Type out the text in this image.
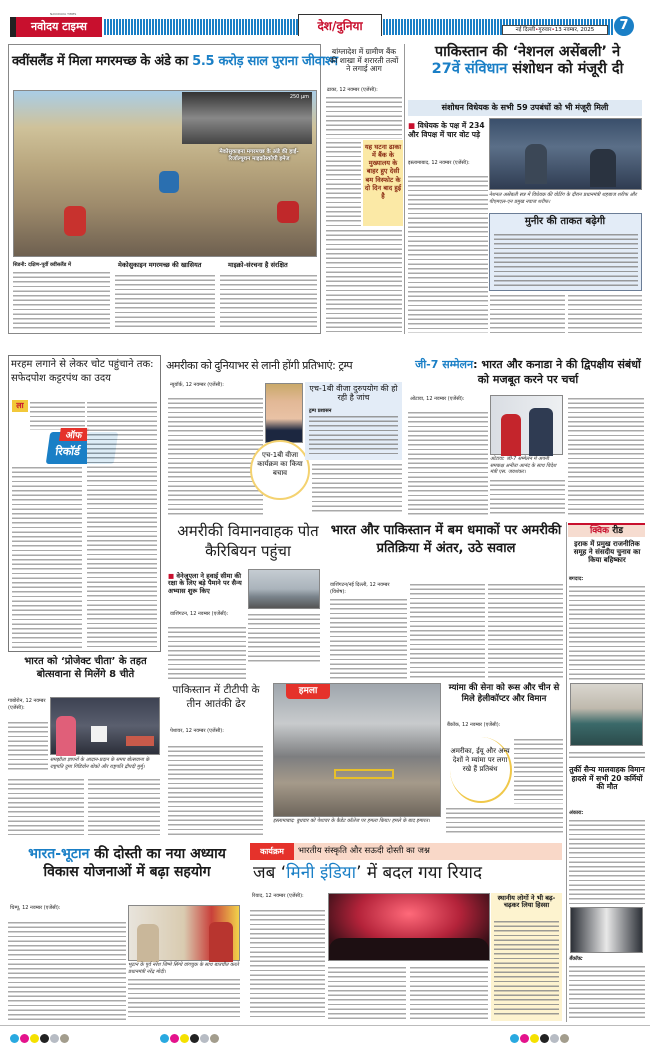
NAVODAYA TIMES
नवोदय टाइम्स	देश/दुनिया	नई दिल्ली•गुरुवार•13 नवम्बर, 2025	7
क्वींसलैंड में मिला मगरमच्छ के अंडे का 5.5 करोड़ साल पुराना जीवाश्म
250 µm
मेकोसुकाइना मगरमच्छ के अंडे की हाई-रिजॉल्यूशन माइक्रोस्कोपी इमेज
सिडनी: दक्षिण-पूर्वी क्वींसलैंड में	मेकोसुकाइन मगरमच्छ की खासियत	माइक्रो-संरचना है संरक्षित
बांग्लादेश में ग्रामीण बैंक की शाखा में शरारती तत्वों ने लगाई आग
ढाका, 12 नवम्बर (एजेंसी):
यह घटना ढाका में बैंक के मुख्यालय के बाहर हुए देसी बम विस्फोट के दो दिन बाद हुई है
पाकिस्तान की ‘नेशनल असेंबली’ ने
27वें संविधान संशोधन को मंजूरी दी
संशोधन विधेयक के सभी 59 उपबंधों को भी मंजूरी मिली
■ विधेयक के पक्ष में 234 और विपक्ष में चार वोट पड़े
इस्लामाबाद, 12 नवम्बर (एजेंसी):
नेशनल असेंबली सत्र में विधेयक की वोटिंग के दौरान प्रधानमंत्री शहबाज शरीफ और पीएमएल-एन प्रमुख नवाज शरीफ।
मुनीर की ताकत बढ़ेगी
मरहम लगाने से लेकर चोट पहुंचाने तक: सफेदपोश कट्टरपंथ का उदय
ला
ऑफ
रिकॉर्ड
अमरीका को दुनियाभर से लानी होंगी प्रतिभाएं: ट्रम्प
न्यूयॉर्क, 12 नवम्बर (एजेंसी):
एच-1बी वीजा कार्यक्रम का किया बचाव
एच-1बी वीजा दुरुपयोग की हो रही है जांच
ट्रम्प प्रशासन
अमरीकी विमानवाहक पोत कैरिबियन पहुंचा
■ वेनेजुएला ने हवाई सीमा की रक्षा के लिए बड़े पैमाने पर सैन्य अभ्यास शुरू किए
वाशिंगटन, 12 नवम्बर (एजेंसी):
जी-7 सम्मेलन: भारत और कनाडा ने की द्विपक्षीय संबंधों को मजबूत करने पर चर्चा
ओटावा, 12 नवम्बर (एजेंसी):
ओटावा: जी-7 सम्मेलन में अपनी समकक्ष अनीता आनंद के साथ विदेश मंत्री एस. जयशंकर।
भारत और पाकिस्तान में बम धमाकों पर अमरीकी प्रतिक्रिया में अंतर, उठे सवाल
वाशिंगटन/नई दिल्ली, 12 नवम्बर (विशेष):
क्विक रीड
इराक में प्रमुख राजनीतिक समूह ने संसदीय चुनाव का किया बहिष्कार
बगदाद:
तुर्की सैन्य मालवाहक विमान हादसे में सभी 20 कर्मियों की मौत
अंकारा:
बैंकॉक:
भारत को ‘प्रोजेक्ट चीता’ के तहत बोत्सवाना से मिलेंगे 8 चीते
गाबोरोन, 12 नवम्बर (एजेंसी):
समझौता ज्ञापनों के आदान-प्रदान के समय बोत्सवाना के राष्ट्रपति दुमा गिडियोन बोको और राष्ट्रपति द्रौपदी मुर्मू।
पाकिस्तान में टीटीपी के तीन आतंकी ढेर
पेशावर, 12 नवम्बर (एजेंसी):
हमला
इस्लामाबाद: बुधवार को पेशावर के कैडेट कॉलेज पर हमला किया। हमले के बाद इमारत।
म्यांमा की सेना को रूस और चीन से मिले हेलीकॉप्टर और विमान
बैंकॉक, 12 नवम्बर (एजेंसी):
अमरीका, ईयू और अन्य देशों ने म्यांमा पर लगा रखे हैं प्रतिबंध
भारत-भूटान की दोस्ती का नया अध्याय
विकास योजनाओं में बढ़ा सहयोग
थिम्पू, 12 नवम्बर (एजेंसी):
भूटान के पूर्व नरेश जिग्मे सिंग्ये वांगचुक के साथ बातचीत करते प्रधानमंत्री नरेंद्र मोदी।
कार्यक्रम	भारतीय संस्कृति और सऊदी दोस्ती का जश्न
जब ‘मिनी इंडिया’ में बदल गया रियाद
रियाद, 12 नवम्बर (एजेंसी):	स्थानीय लोगों ने भी बढ़-चढ़कर लिया हिस्सा
